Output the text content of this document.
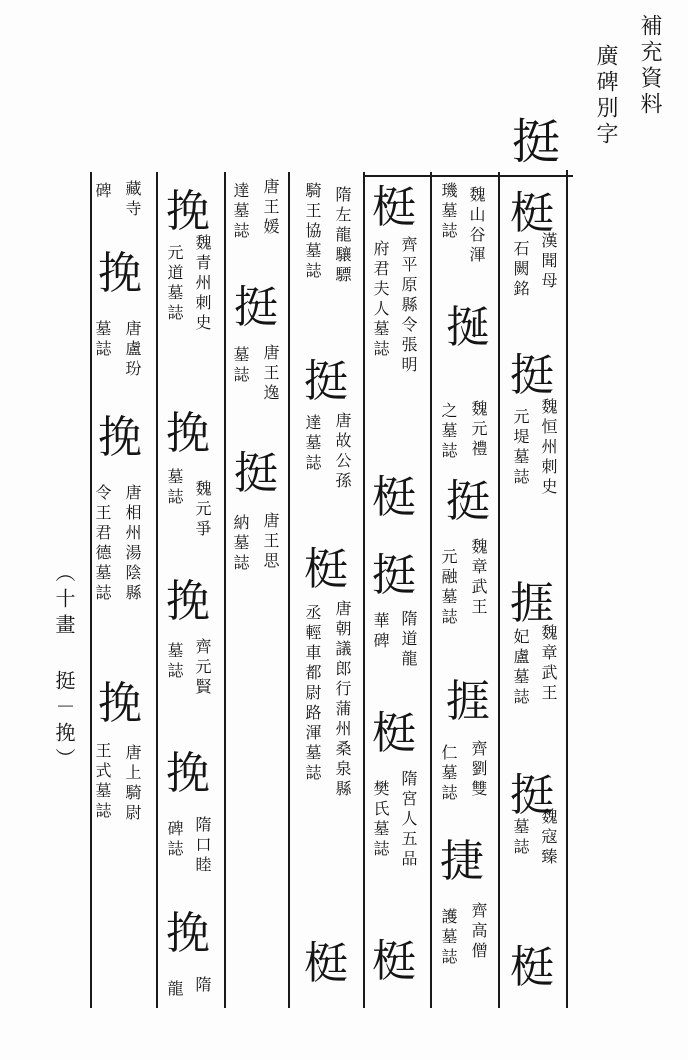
補充資料
廣碑別字
挺
（十畫 挺－挽）
梃
漢聞母
石闕銘
挺
魏恒州刺史
元堤墓誌
捱
魏章武王
妃盧墓誌
挺
魏寇臻
墓誌
梃
魏山谷渾
璣墓誌
挻
魏元禮
之墓誌
挺
魏章武王
元融墓誌
捱
齊劉雙
仁墓誌
捷
齊高僧
護墓誌
梃
齊平原縣令張明
府君夫人墓誌
梃
挺
隋道龍
華碑
梃
隋宮人五品
樊氏墓誌
梃
隋左龍驤驃
騎王協墓誌
挺
唐故公孫
達墓誌
梃
唐朝議郎行蒲州桑泉縣
丞輕車都尉路渾墓誌
梃
唐王媛
達墓誌
挺
唐王逸
墓誌
挺
唐王思
納墓誌
挽
魏青州刺史
元道墓誌
挽
魏元爭
墓誌
挽
齊元賢
墓誌
挽
隋口睦
碑誌
挽
隋
龍
藏寺
碑
挽
唐盧玢
墓誌
挽
唐相州湯陰縣
令王君德墓誌
挽
唐上騎尉
王式墓誌
